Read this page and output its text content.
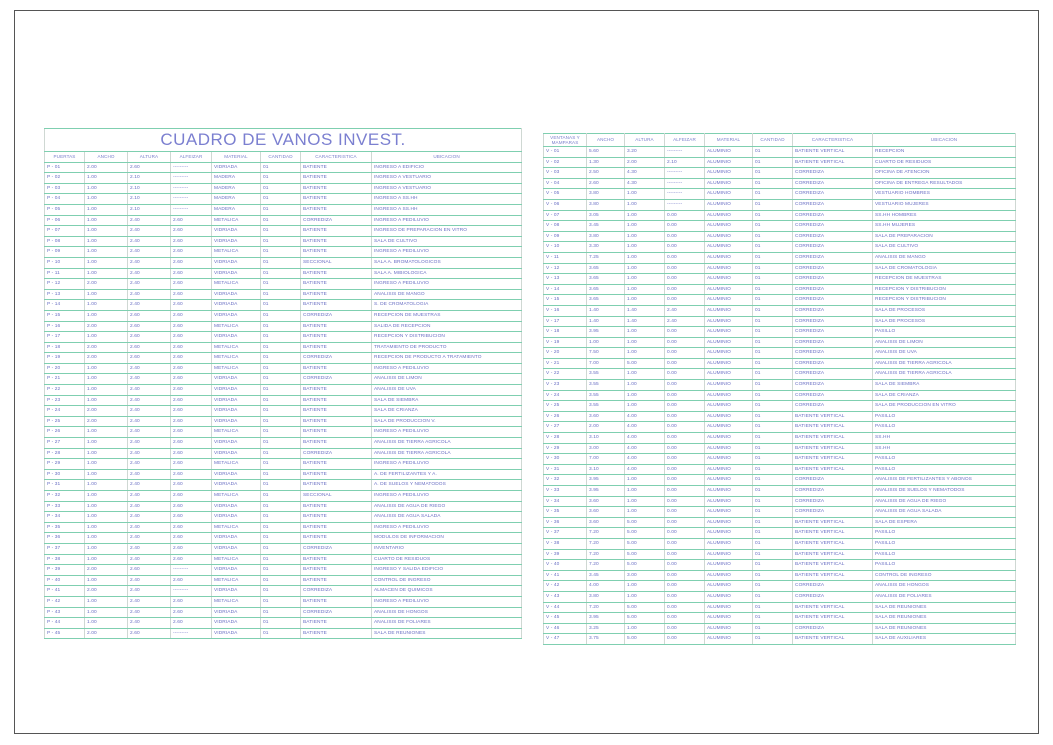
CUADRO DE VANOS INVEST.							
PUERTAS	ANCHO	ALTURA	ALFEIZAR	MATERIAL	CANTIDAD	CARACTERISTICA	UBICACION
P - 01	2.00	2.60	---------	VIDRIADA	01	BATIENTE	INGRESO A EDIFICIO
P - 02	1.00	2.10	---------	MADERA	01	BATIENTE	INGRESO A VESTUARIO
P - 03	1.00	2.10	---------	MADERA	01	BATIENTE	INGRESO A VESTUARIO
P - 04	1.00	2.10	---------	MADERA	01	BATIENTE	INGRESO A SS.HH
P - 05	1.00	2.10	---------	MADERA	01	BATIENTE	INGRESO A SS.HH
P - 06	1.00	2.40	2.60	METALICA	01	CORREDIZA	INGRESO A PEDILUVIO
P - 07	1.00	2.40	2.60	VIDRIADA	01	BATIENTE	INGRESO DE PREPARACION EN VITRO
P - 08	1.00	2.40	2.60	VIDRIADA	01	BATIENTE	SALA DE CULTIVO
P - 09	1.00	2.40	2.60	METALICA	01	BATIENTE	INGRESO A PEDILUVIO
P - 10	1.00	2.40	2.60	VIDRIADA	01	SECCIONAL	SALA A. BROMATOLOGICOS
P - 11	1.00	2.40	2.60	VIDRIADA	01	BATIENTE	SALA A. MIBIOLOGICA
P - 12	2.00	2.40	2.60	METALICA	01	BATIENTE	INGRESO A PEDILUVIO
P - 13	1.00	2.40	2.60	VIDRIADA	01	BATIENTE	ANALISIS DE MANGO
P - 14	1.00	2.40	2.60	VIDRIADA	01	BATIENTE	S. DE CROMATOLOGIA
P - 15	1.00	2.60	2.60	VIDRIADA	01	CORREDIZA	RECEPCION DE MUESTRAS
P - 16	2.00	2.60	2.60	METALICA	01	BATIENTE	SALIDA DE RECEPCION
P - 17	1.00	2.60	2.60	VIDRIADA	01	BATIENTE	RECEPCION Y DISTRIBUCION
P - 18	2.00	2.60	2.60	METALICA	01	BATIENTE	TRATAMIENTO DE PRODUCTO
P - 19	2.00	2.60	2.60	METALICA	01	CORREDIZA	RECEPCION DE PRODUCTO A TRATAMIENTO
P - 20	1.00	2.40	2.60	METALICA	01	BATIENTE	INGRESO A PEDILUVIO
P - 21	1.00	2.40	2.60	VIDRIADA	01	CORREDIZA	ANALISIS DE LIMON
P - 22	1.00	2.40	2.60	VIDRIADA	01	BATIENTE	ANALISIS DE UVA
P - 23	1.00	2.40	2.60	VIDRIADA	01	BATIENTE	SALA DE SIEMBRA
P - 24	2.00	2.40	2.60	VIDRIADA	01	BATIENTE	SALA DE CRIANZA
P - 25	2.00	2.40	2.60	VIDRIADA	01	BATIENTE	SALA DE PRODUCCION V.
P - 26	1.00	2.40	2.60	METALICA	01	BATIENTE	INGRESO A PEDILUVIO
P - 27	1.00	2.40	2.60	VIDRIADA	01	BATIENTE	ANALISIS DE TIERRA AGRICOLA
P - 28	1.00	2.40	2.60	VIDRIADA	01	CORREDIZA	ANALISIS DE TIERRA AGRICOLA
P - 29	1.00	2.40	2.60	METALICA	01	BATIENTE	INGRESO A PEDILUVIO
P - 30	1.00	2.40	2.60	VIDRIADA	01	BATIENTE	A. DE FERTILIZANTES Y A.
P - 31	1.00	2.40	2.60	VIDRIADA	01	BATIENTE	A. DE SUELOS Y NEMATODOS
P - 32	1.00	2.40	2.60	METALICA	01	SECCIONAL	INGRESO A PEDILUVIO
P - 33	1.00	2.40	2.60	VIDRIADA	01	BATIENTE	ANALISIS DE AGUA DE RIEGO
P - 34	1.00	2.40	2.60	VIDRIADA	01	BATIENTE	ANALISIS DE AGUA SALADA
P - 35	1.00	2.40	2.60	METALICA	01	BATIENTE	INGRESO A PEDILUVIO
P - 36	1.00	2.40	2.60	VIDRIADA	01	BATIENTE	MODULOS DE INFORMACION
P - 37	1.00	2.40	2.60	VIDRIADA	01	CORREDIZA	INVENTARIO
P - 38	1.00	2.40	2.60	METALICA	01	BATIENTE	CUARTO DE RESIDUOS
P - 39	2.00	2.60	---------	VIDRIADA	01	BATIENTE	INGRESO Y SALIDA EDIFICIO
P - 40	1.00	2.40	2.60	METALICA	01	BATIENTE	CONTROL DE INGRESO
P - 41	2.00	2.40	---------	VIDRIADA	01	CORREDIZA	ALMACEN DE QUIMICOS
P - 42	1.00	2.40	2.60	METALICA	01	BATIENTE	INGRESO A PEDILUVIO
P - 43	1.00	2.40	2.60	VIDRIADA	01	CORREDIZA	ANALISIS DE HONGOS
P - 44	1.00	2.40	2.60	VIDRIADA	01	BATIENTE	ANALISIS DE FOLIARES
P - 45	2.00	2.60	---------	VIDRIADA	01	BATIENTE	SALA DE REUNIONES
VENTANAS Y MAMPARAS	ANCHO	ALTURA	ALFEIZAR	MATERIAL	CANTIDAD	CARACTERISTICA	UBICACION
V - 01	5.60	3.20	---------	ALUMINIO	01	BATIENTE VERTICAL	RECEPCION
V - 02	1.30	2.00	2.10	ALUMINIO	01	BATIENTE VERTICAL	CUARTO DE RESIDUOS
V - 03	2.50	4.30	---------	ALUMINIO	01	CORREDIZA	OFICINA DE ATENCION
V - 04	2.60	4.30	---------	ALUMINIO	01	CORREDIZA	OFICINA DE ENTREGA RESULTADOS
V - 05	3.80	1.00	---------	ALUMINIO	01	CORREDIZA	VESTUARIO HOMBRES
V - 06	3.80	1.00	---------	ALUMINIO	01	CORREDIZA	VESTUARIO MUJERES
V - 07	3.05	1.00	0.00	ALUMINIO	01	CORREDIZA	SS.HH HOMBRES
V - 08	3.45	1.00	0.00	ALUMINIO	01	CORREDIZA	SS.HH MUJERES
V - 09	3.80	1.00	0.00	ALUMINIO	01	CORREDIZA	SALA DE PREPARACION
V - 10	3.30	1.00	0.00	ALUMINIO	01	CORREDIZA	SALA DE CULTIVO
V - 11	7.25	1.00	0.00	ALUMINIO	01	CORREDIZA	ANALISIS DE MANGO
V - 12	3.65	1.00	0.00	ALUMINIO	01	CORREDIZA	SALA DE CROMATOLOGIA
V - 13	3.65	1.00	0.00	ALUMINIO	01	CORREDIZA	RECEPCION DE MUESTRAS
V - 14	3.65	1.00	0.00	ALUMINIO	01	CORREDIZA	RECEPCION Y DISTRIBUCION
V - 15	3.65	1.00	0.00	ALUMINIO	01	CORREDIZA	RECEPCION Y DISTRIBUCION
V - 16	1.40	1.40	2.40	ALUMINIO	01	CORREDIZA	SALA DE PROCESOS
V - 17	1.40	1.40	2.40	ALUMINIO	01	CORREDIZA	SALA DE PROCESOS
V - 18	3.95	1.00	0.00	ALUMINIO	01	CORREDIZA	PASILLO
V - 19	1.00	1.00	0.00	ALUMINIO	01	CORREDIZA	ANALISIS DE LIMON
V - 20	7.50	1.00	0.00	ALUMINIO	01	CORREDIZA	ANALISIS DE UVA
V - 21	7.00	5.00	0.00	ALUMINIO	01	CORREDIZA	ANALISIS DE TIERRA AGRICOLA
V - 22	3.55	1.00	0.00	ALUMINIO	01	CORREDIZA	ANALISIS DE TIERRA AGRICOLA
V - 23	3.55	1.00	0.00	ALUMINIO	01	CORREDIZA	SALA DE SIEMBRA
V - 24	3.55	1.00	0.00	ALUMINIO	01	CORREDIZA	SALA DE CRIANZA
V - 25	3.55	1.00	0.00	ALUMINIO	01	CORREDIZA	SALA DE PRODUCCION EN VITRO
V - 26	3.60	4.00	0.00	ALUMINIO	01	BATIENTE VERTICAL	PASILLO
V - 27	2.00	4.00	0.00	ALUMINIO	01	BATIENTE VERTICAL	PASILLO
V - 28	3.10	4.00	0.00	ALUMINIO	01	BATIENTE VERTICAL	SS.HH
V - 29	3.00	4.00	0.00	ALUMINIO	01	BATIENTE VERTICAL	SS.HH
V - 30	7.00	4.00	0.00	ALUMINIO	01	BATIENTE VERTICAL	PASILLO
V - 31	3.10	4.00	0.00	ALUMINIO	01	BATIENTE VERTICAL	PASILLO
V - 32	3.95	1.00	0.00	ALUMINIO	01	CORREDIZA	ANALISIS DE FERTILIZANTES Y ABONOS
V - 33	3.95	1.00	0.00	ALUMINIO	01	CORREDIZA	ANALISIS DE SUELOS Y NEMATODOS
V - 34	3.60	1.00	0.00	ALUMINIO	01	CORREDIZA	ANALISIS DE AGUA DE RIEGO
V - 35	3.60	1.00	0.00	ALUMINIO	01	CORREDIZA	ANALISIS DE AGUA SALADA
V - 36	3.60	5.00	0.00	ALUMINIO	01	BATIENTE VERTICAL	SALA DE ESPERA
V - 37	7.20	5.00	0.00	ALUMINIO	01	BATIENTE VERTICAL	PASILLO
V - 38	7.20	5.00	0.00	ALUMINIO	01	BATIENTE VERTICAL	PASILLO
V - 39	7.20	5.00	0.00	ALUMINIO	01	BATIENTE VERTICAL	PASILLO
V - 40	7.20	5.00	0.00	ALUMINIO	01	BATIENTE VERTICAL	PASILLO
V - 41	3.45	3.00	0.00	ALUMINIO	01	BATIENTE VERTICAL	CONTROL DE INGRESO
V - 42	4.00	1.00	0.00	ALUMINIO	01	CORREDIZA	ANALISIS DE HONGOS
V - 43	3.80	1.00	0.00	ALUMINIO	01	CORREDIZA	ANALISIS DE FOLIARES
V - 44	7.20	5.00	0.00	ALUMINIO	01	BATIENTE VERTICAL	SALA DE REUNIONES
V - 45	3.95	5.00	0.00	ALUMINIO	01	BATIENTE VERTICAL	SALA DE REUNIONES
V - 46	3.25	1.00	0.00	ALUMINIO	01	CORREDIZA	SALA DE REUNIONES
V - 47	3.75	5.00	0.00	ALUMINIO	01	BATIENTE VERTICAL	SALA DE AUXILIARES
